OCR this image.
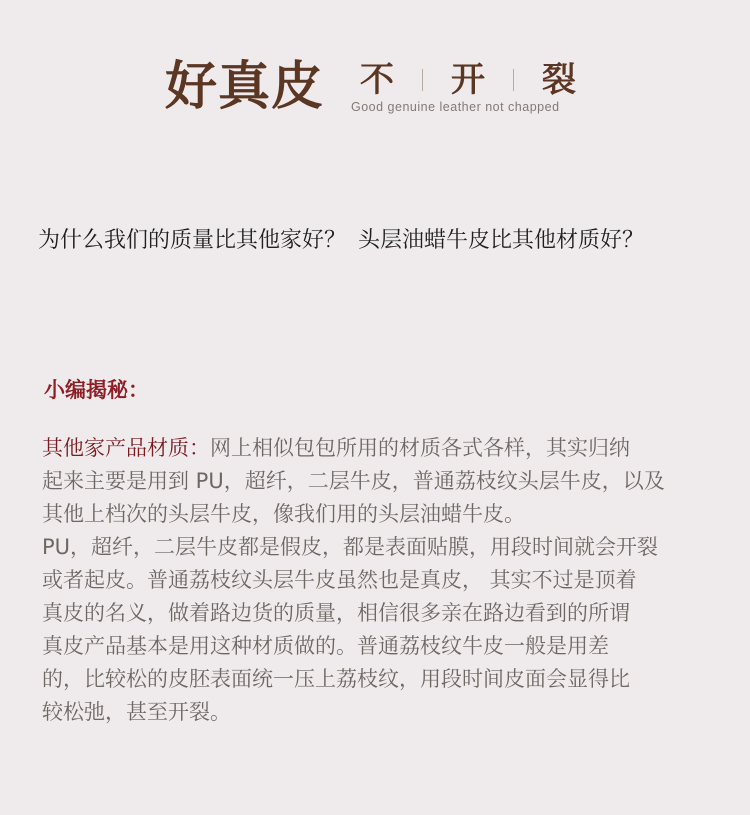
好真皮 不 开 裂
Good genuine leather not chapped
为什么我们的质量比其他家好？ 头层油蜡牛皮比其他材质好？
小编揭秘：

其他家产品材质：网上相似包包所用的材质各式各样，其实归纳
起来主要是用到 PU，超纤，二层牛皮，普通荔枝纹头层牛皮，以及
其他上档次的头层牛皮，像我们用的头层油蜡牛皮。

PU，超纤，二层牛皮都是假皮，都是表面贴膜，用段时间就会开裂
或者起皮。普通荔枝纹头层牛皮虽然也是真皮， 其实不过是顶着
真皮的名义，做着路边货的质量，相信很多亲在路边看到的所谓
真皮产品基本是用这种材质做的。普通荔枝纹牛皮一般是用差
的，比较松的皮胚表面统一压上荔枝纹，用段时间皮面会显得比
较松弛，甚至开裂。
